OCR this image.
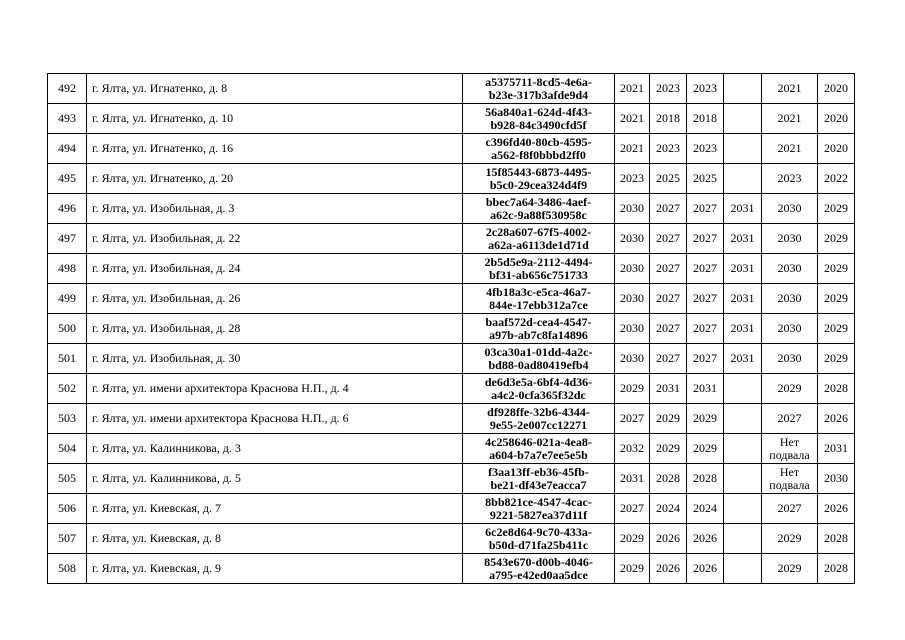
492	г. Ялта, ул. Игнатенко, д. 8	a5375711-8cd5-4e6a-
b23e-317b3afde9d4	2021	2023	2023		2021	2020
493	г. Ялта, ул. Игнатенко, д. 10	56a840a1-624d-4f43-
b928-84c3490cfd5f	2021	2018	2018		2021	2020
494	г. Ялта, ул. Игнатенко, д. 16	c396fd40-80cb-4595-
a562-f8f0bbbd2ff0	2021	2023	2023		2021	2020
495	г. Ялта, ул. Игнатенко, д. 20	15f85443-6873-4495-
b5c0-29cea324d4f9	2023	2025	2025		2023	2022
496	г. Ялта, ул. Изобильная, д. 3	bbec7a64-3486-4aef-
a62c-9a88f530958c	2030	2027	2027	2031	2030	2029
497	г. Ялта, ул. Изобильная, д. 22	2c28a607-67f5-4002-
a62a-a6113de1d71d	2030	2027	2027	2031	2030	2029
498	г. Ялта, ул. Изобильная, д. 24	2b5d5e9a-2112-4494-
bf31-ab656c751733	2030	2027	2027	2031	2030	2029
499	г. Ялта, ул. Изобильная, д. 26	4fb18a3c-e5ca-46a7-
844e-17ebb312a7ce	2030	2027	2027	2031	2030	2029
500	г. Ялта, ул. Изобильная, д. 28	baaf572d-cea4-4547-
a97b-ab7c8fa14896	2030	2027	2027	2031	2030	2029
501	г. Ялта, ул. Изобильная, д. 30	03ca30a1-01dd-4a2c-
bd88-0ad80419efb4	2030	2027	2027	2031	2030	2029
502	г. Ялта, ул. имени архитектора Краснова Н.П., д. 4	de6d3e5a-6bf4-4d36-
a4c2-0cfa365f32dc	2029	2031	2031		2029	2028
503	г. Ялта, ул. имени архитектора Краснова Н.П., д. 6	df928ffe-32b6-4344-
9e55-2e007cc12271	2027	2029	2029		2027	2026
504	г. Ялта, ул. Калинникова, д. 3	4c258646-021a-4ea8-
a604-b7a7e7ee5e5b	2032	2029	2029		Нет подвала	2031
505	г. Ялта, ул. Калинникова, д. 5	f3aa13ff-eb36-45fb-
be21-df43e7eacca7	2031	2028	2028		Нет подвала	2030
506	г. Ялта, ул. Киевская, д. 7	8bb821ce-4547-4cac-
9221-5827ea37d11f	2027	2024	2024		2027	2026
507	г. Ялта, ул. Киевская, д. 8	6c2e8d64-9c70-433a-
b50d-d71fa25b411c	2029	2026	2026		2029	2028
508	г. Ялта, ул. Киевская, д. 9	8543e670-d00b-4046-
a795-e42ed0aa5dce	2029	2026	2026		2029	2028
